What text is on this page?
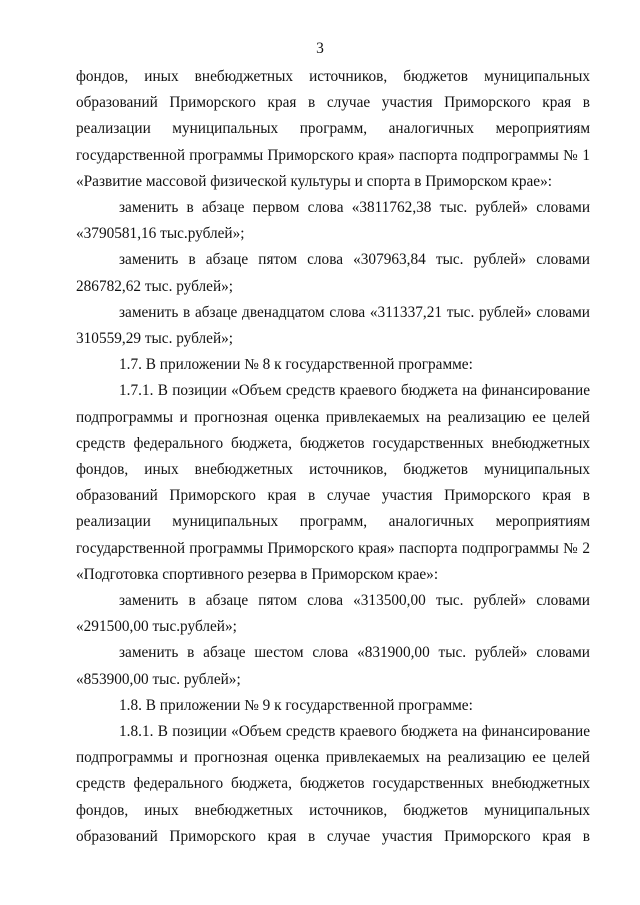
3

фондов, иных внебюджетных источников, бюджетов муниципальных образований Приморского края в случае участия Приморского края в реализации муниципальных программ, аналогичных мероприятиям государственной программы Приморского края» паспорта подпрограммы № 1 «Развитие массовой физической культуры и спорта в Приморском крае»:

заменить в абзаце первом слова «3811762,38 тыс. рублей» словами «3790581,16 тыс.рублей»;

заменить в абзаце пятом слова «307963,84 тыс. рублей» словами 286782,62 тыс. рублей»;

заменить в абзаце двенадцатом слова «311337,21 тыс. рублей» словами 310559,29 тыс. рублей»;

1.7. В приложении № 8 к государственной программе:

1.7.1. В позиции «Объем средств краевого бюджета на финансирование подпрограммы и прогнозная оценка привлекаемых на реализацию ее целей средств федерального бюджета, бюджетов государственных внебюджетных фондов, иных внебюджетных источников, бюджетов муниципальных образований Приморского края в случае участия Приморского края в реализации муниципальных программ, аналогичных мероприятиям государственной программы Приморского края» паспорта подпрограммы № 2 «Подготовка спортивного резерва в Приморском крае»:

заменить в абзаце пятом слова «313500,00 тыс. рублей» словами «291500,00 тыс.рублей»;

заменить в абзаце шестом слова «831900,00 тыс. рублей» словами «853900,00 тыс. рублей»;

1.8. В приложении № 9 к государственной программе:

1.8.1. В позиции «Объем средств краевого бюджета на финансирование подпрограммы и прогнозная оценка привлекаемых на реализацию ее целей средств федерального бюджета, бюджетов государственных внебюджетных фондов, иных внебюджетных источников, бюджетов муниципальных образований Приморского края в случае участия Приморского края в
